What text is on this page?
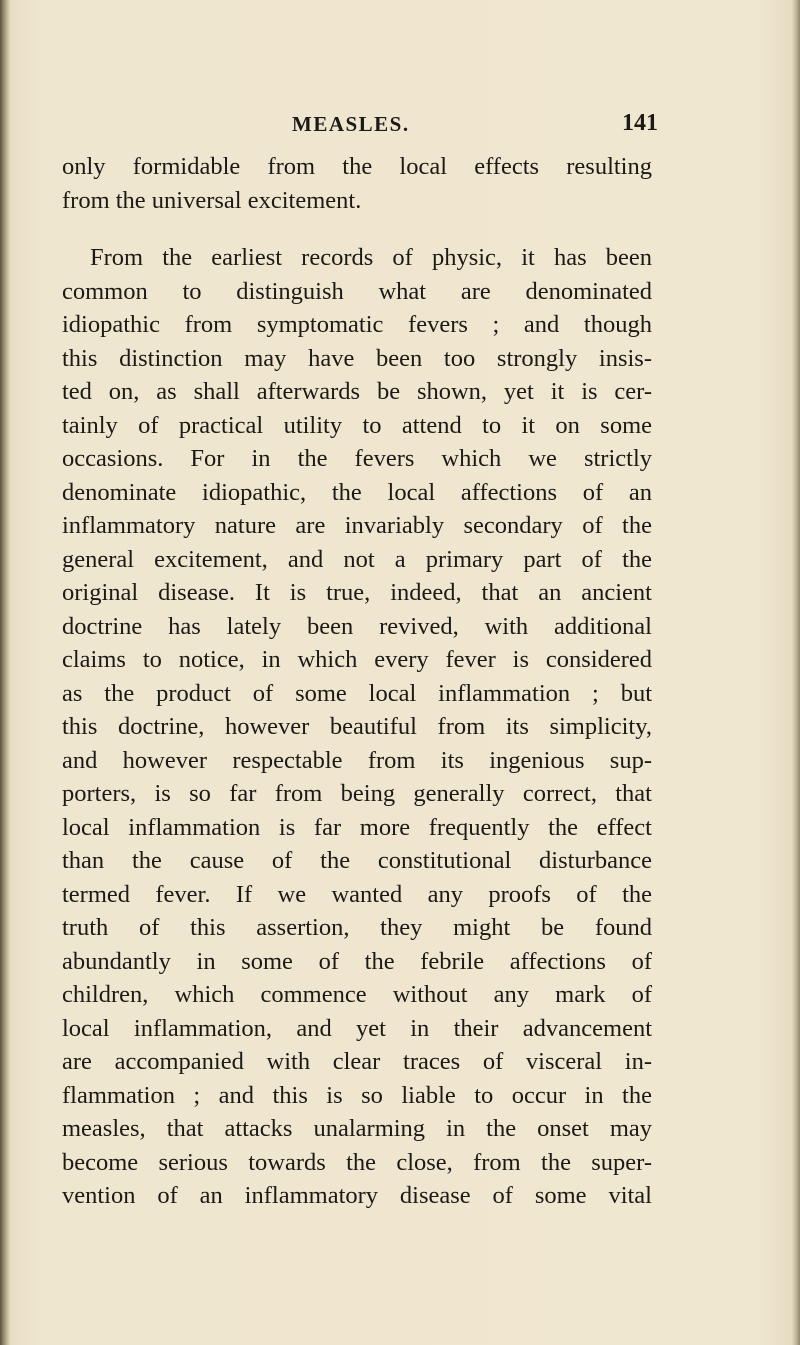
MEASLES.	141
only formidable from the local effects resulting
from the universal excitement.
From the earliest records of physic, it has been
common to distinguish what are denominated
idiopathic from symptomatic fevers ; and though
this distinction may have been too strongly insis-
ted on, as shall afterwards be shown, yet it is cer-
tainly of practical utility to attend to it on some
occasions. For in the fevers which we strictly
denominate idiopathic, the local affections of an
inflammatory nature are invariably secondary of the
general excitement, and not a primary part of the
original disease. It is true, indeed, that an ancient
doctrine has lately been revived, with additional
claims to notice, in which every fever is considered
as the product of some local inflammation ; but
this doctrine, however beautiful from its simplicity,
and however respectable from its ingenious sup-
porters, is so far from being generally correct, that
local inflammation is far more frequently the effect
than the cause of the constitutional disturbance
termed fever. If we wanted any proofs of the
truth of this assertion, they might be found
abundantly in some of the febrile affections of
children, which commence without any mark of
local inflammation, and yet in their advancement
are accompanied with clear traces of visceral in-
flammation ; and this is so liable to occur in the
measles, that attacks unalarming in the onset may
become serious towards the close, from the super-
vention of an inflammatory disease of some vital
